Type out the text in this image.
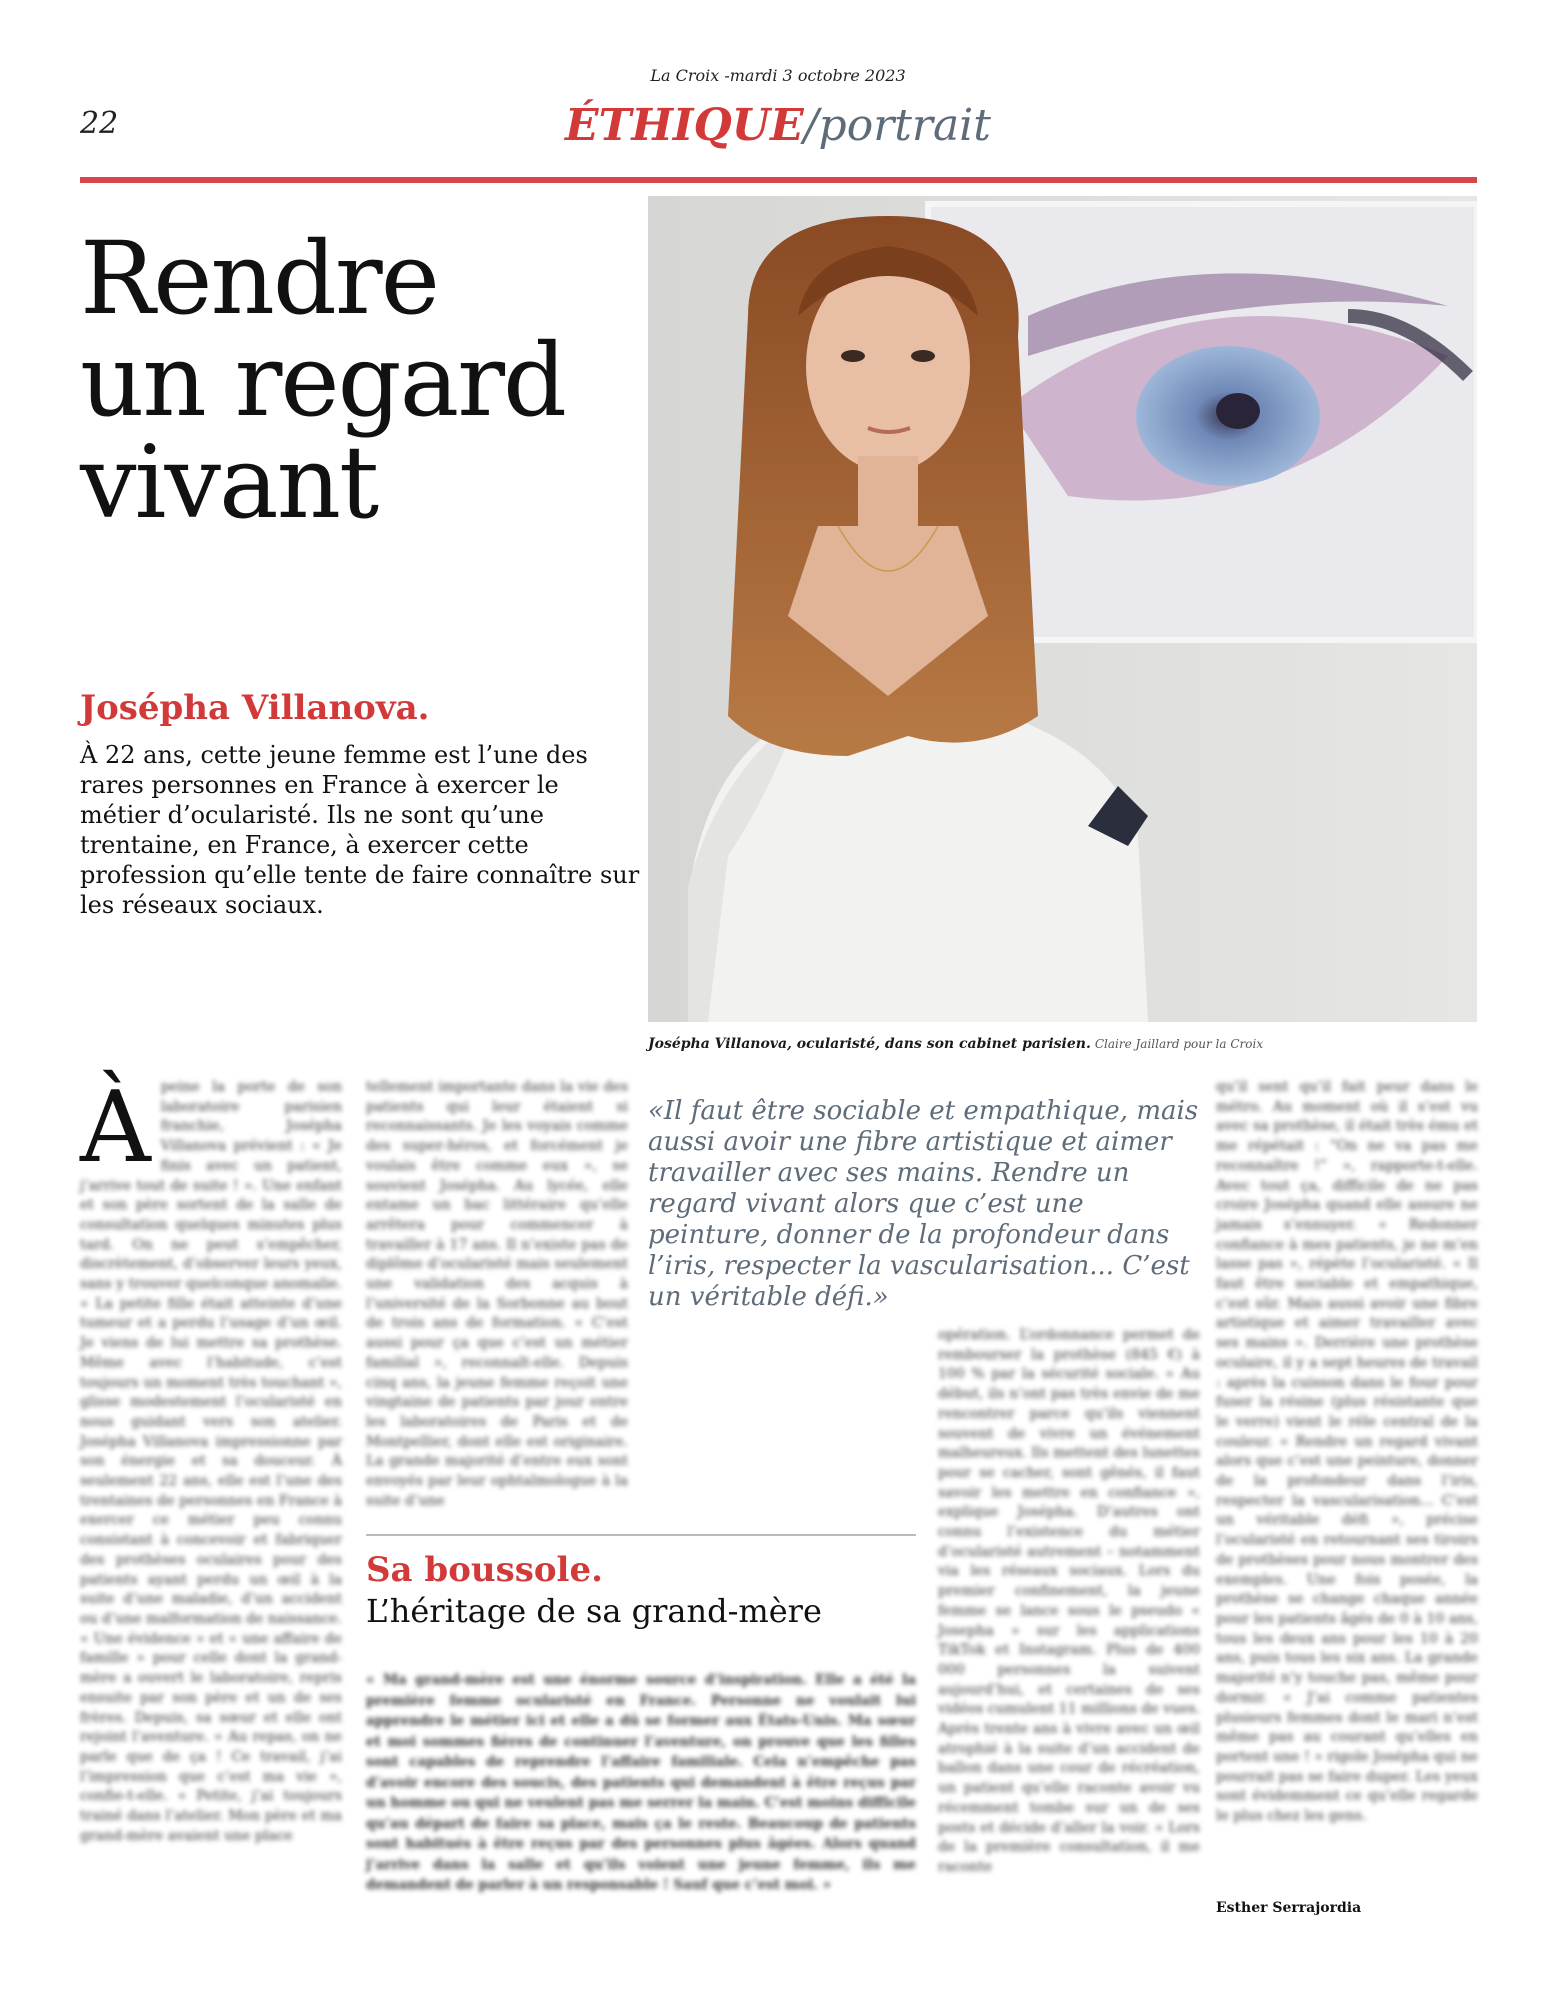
La Croix -mardi 3 octobre 2023
22	ÉTHIQUE/portrait
Rendre
un regard
vivant
Josépha Villanova.
À 22 ans, cette jeune femme est l’une des rares personnes en France à exercer le métier d’ocularisté. Ils ne sont qu’une trentaine, en France, à exercer cette profession qu’elle tente de faire connaître sur les réseaux sociaux.
Josépha Villanova, ocularisté, dans son cabinet parisien. Claire Jaillard pour la Croix
«Il faut être sociable et empathique, mais aussi avoir une fibre artistique et aimer travailler avec ses mains. Rendre un regard vivant alors que c’est une peinture, donner de la profondeur dans l’iris, respecter la vascularisation... C’est un véritable défi.»
À peine la porte de son laboratoire parisien franchie, Josépha Villanova prévient : « Je finis avec un patient, j’arrive tout de suite ! ». Une enfant et son père sortent de la salle de consultation quelques minutes plus tard. On ne peut s’empêcher, discrètement, d’observer leurs yeux, sans y trouver quelconque anomalie. « La petite fille était atteinte d’une tumeur et a perdu l’usage d’un œil. Je viens de lui mettre sa prothèse. Même avec l’habitude, c’est toujours un moment très touchant », glisse modestement l’ocularisté en nous guidant vers son atelier. Josépha Villanova impressionne par son énergie et sa douceur. À seulement 22 ans, elle est l’une des trentaines de personnes en France à exercer ce métier peu connu consistant à concevoir et fabriquer des prothèses oculaires pour des patients ayant perdu un œil à la suite d’une maladie, d’un accident ou d’une malformation de naissance. « Une évidence » et « une affaire de famille » pour celle dont la grand-mère a ouvert le laboratoire, repris ensuite par son père et un de ses frères. Depuis, sa sœur et elle ont rejoint l’aventure. « Au repas, on ne parle que de ça ! Ce travail, j’ai l’impression que c’est ma vie », confie-t-elle. « Petite, j’ai toujours trainé dans l’atelier. Mon père et ma grand-mère avaient une place
tellement importante dans la vie des patients qui leur étaient si reconnaissants. Je les voyais comme des super-héros, et forcément je voulais être comme eux », se souvient Josépha. Au lycée, elle entame un bac littéraire qu’elle arrêtera pour commencer à travailler à 17 ans. Il n’existe pas de diplôme d’ocularisté mais seulement une validation des acquis à l’université de la Sorbonne au bout de trois ans de formation. « C’est aussi pour ça que c’est un métier familial », reconnaît-elle. Depuis cinq ans, la jeune femme reçoit une vingtaine de patients par jour entre les laboratoires de Paris et de Montpellier, dont elle est originaire. La grande majorité d’entre eux sont envoyés par leur ophtalmologue à la suite d’une
opération. L’ordonnance permet de rembourser la prothèse (845 €) à 100 % par la sécurité sociale. « Au début, ils n’ont pas très envie de me rencontrer parce qu’ils viennent souvent de vivre un événement malheureux. Ils mettent des lunettes pour se cacher, sont gênés, il faut savoir les mettre en confiance », explique Josépha. D’autres ont connu l’existence du métier d’ocularisté autrement – notamment via les réseaux sociaux. Lors du premier confinement, la jeune femme se lance sous le pseudo « Josepha » sur les applications TikTok et Instagram. Plus de 400 000 personnes la suivent aujourd’hui, et certaines de ses vidéos cumulent 11 millions de vues. Après trente ans à vivre avec un œil atrophié à la suite d’un accident de ballon dans une cour de récréation, un patient qu’elle raconte avoir vu récemment tombe sur un de ses posts et décide d’aller la voir. « Lors de la première consultation, il me raconte
qu’il sent qu’il fait peur dans le métro. Au moment où il s’est vu avec sa prothèse, il était très ému et me répétait : “On ne va pas me reconnaître !” », rapporte-t-elle. Avec tout ça, difficile de ne pas croire Josépha quand elle assure ne jamais s’ennuyer. « Redonner confiance à mes patients, je ne m’en lasse pas », répète l’ocularisté. « Il faut être sociable et empathique, c’est sûr. Mais aussi avoir une fibre artistique et aimer travailler avec ses mains ». Derrière une prothèse oculaire, il y a sept heures de travail : après la cuisson dans le four pour fuser la résine (plus résistante que le verre) vient le réle central de la couleur. « Rendre un regard vivant alors que c’est une peinture, donner de la profondeur dans l’iris, respecter la vascularisation... C’est un véritable défi », précise l’ocularisté en retournant ses tiroirs de prothèses pour nous montrer des exemples. Une fois posée, la prothèse se change chaque année pour les patients âgés de 0 à 10 ans, tous les deux ans pour les 10 à 20 ans, puis tous les six ans. La grande majorité n’y touche pas, même pour dormir. « J’ai comme patientes plusieurs femmes dont le mari n’est même pas au courant qu’elles en portent une ! » rigole Josépha qui ne pourrait pas se faire duper. Les yeux sont évidemment ce qu’elle regarde le plus chez les gens.
Sa boussole.
L’héritage de sa grand-mère
« Ma grand-mère est une énorme source d’inspiration. Elle a été la première femme ocularisté en France. Personne ne voulait lui apprendre le métier ici et elle a dû se former aux États-Unis. Ma sœur et moi sommes fières de continuer l’aventure, on prouve que les filles sont capables de reprendre l’affaire familiale. Cela n’empêche pas d’avoir encore des soucis, des patients qui demandent à être reçus par un homme ou qui ne veulent pas me serrer la main. C’est moins difficile qu’au départ de faire sa place, mais ça le reste. Beaucoup de patients sont habitués à être reçus par des personnes plus âgées. Alors quand j’arrive dans la salle et qu’ils voient une jeune femme, ils me demandent de parler à un responsable ! Sauf que c’est moi. »
Esther Serrajordia
